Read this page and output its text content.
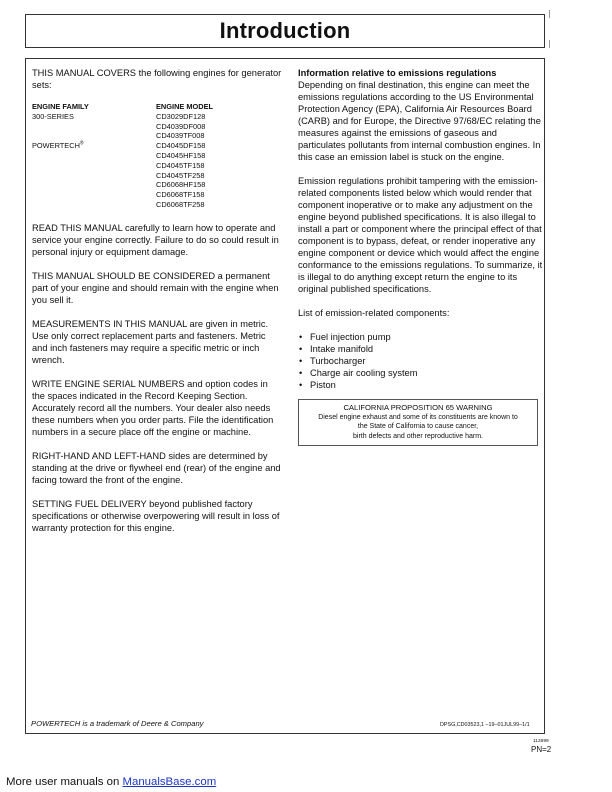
Introduction

THIS MANUAL COVERS the following engines for generator sets:

ENGINE FAMILY	ENGINE MODEL
300-SERIES	CD3029DF128
	CD4039DF008
	CD4039TF008
POWERTECH®	CD4045DF158
	CD4045HF158
	CD4045TF158
	CD4045TF258
	CD6068HF158
	CD6068TF158
	CD6068TF258

READ THIS MANUAL carefully to learn how to operate and service your engine correctly. Failure to do so could result in personal injury or equipment damage.

THIS MANUAL SHOULD BE CONSIDERED a permanent part of your engine and should remain with the engine when you sell it.

MEASUREMENTS IN THIS MANUAL are given in metric. Use only correct replacement parts and fasteners. Metric and inch fasteners may require a specific metric or inch wrench.

WRITE ENGINE SERIAL NUMBERS and option codes in the spaces indicated in the Record Keeping Section. Accurately record all the numbers. Your dealer also needs these numbers when you order parts. File the identification numbers in a secure place off the engine or machine.

RIGHT-HAND AND LEFT-HAND sides are determined by standing at the drive or flywheel end (rear) of the engine and facing toward the front of the engine.

SETTING FUEL DELIVERY beyond published factory specifications or otherwise overpowering will result in loss of warranty protection for this engine.

Information relative to emissions regulations

Depending on final destination, this engine can meet the emissions regulations according to the US Environmental Protection Agency (EPA), California Air Resources Board (CARB) and for Europe, the Directive 97/68/EC relating the measures against the emissions of gaseous and particulates pollutants from internal combustion engines. In this case an emission label is stuck on the engine.

Emission regulations prohibit tampering with the emission-related components listed below which would render that component inoperative or to make any adjustment on the engine beyond published specifications. It is also illegal to install a part or component where the principal effect of that component is to bypass, defeat, or render inoperative any engine component or device which would affect the engine conformance to the emissions regulations. To summarize, it is illegal to do anything except return the engine to its original published specifications.

List of emission-related components:

• Fuel injection pump
• Intake manifold
• Turbocharger
• Charge air cooling system
• Piston
CALIFORNIA PROPOSITION 65 WARNING
Diesel engine exhaust and some of its constituents are known to
the State of California to cause cancer,
birth defects and other reproductive harm.
POWERTECH is a trademark of Deere & Company	DPSG,CD03523,1 –19–01JUL99–1/1
112699
PN=2
More user manuals on ManualsBase.com
